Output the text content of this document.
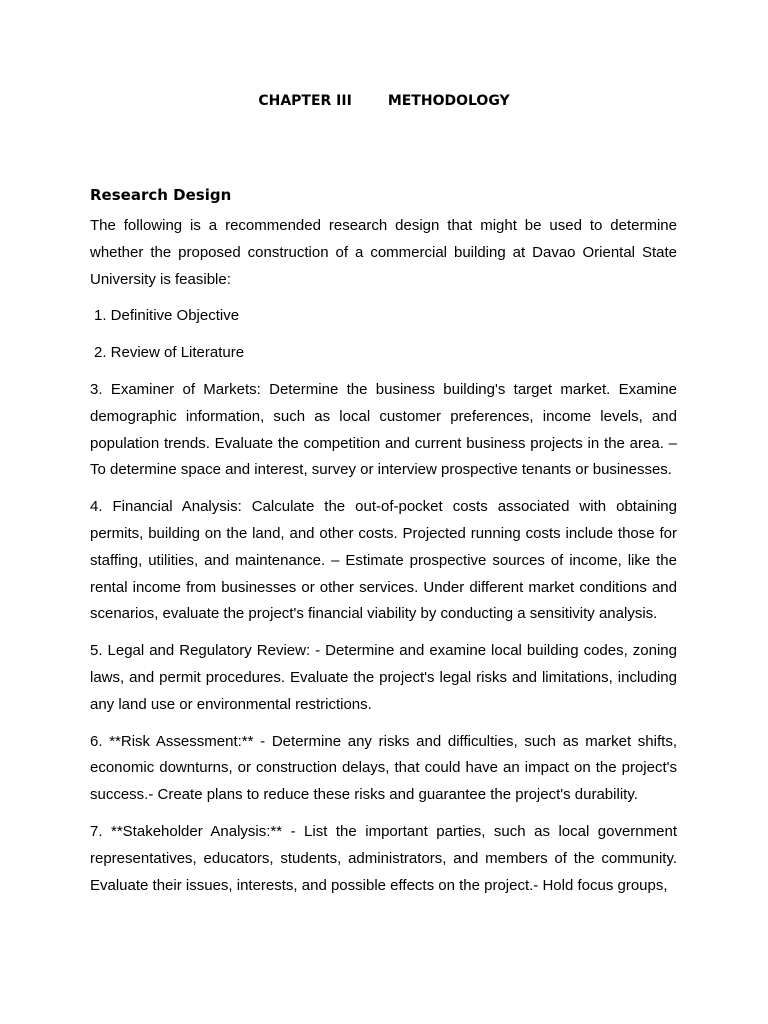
CHAPTER III	METHODOLOGY
Research Design

The following is a recommended research design that might be used to determine whether the proposed construction of a commercial building at Davao Oriental State University is feasible:

1. Definitive Objective

2. Review of Literature

3. Examiner of Markets: Determine the business building's target market. Examine demographic information, such as local customer preferences, income levels, and population trends. Evaluate the competition and current business projects in the area. – To determine space and interest, survey or interview prospective tenants or businesses.

4. Financial Analysis: Calculate the out-of-pocket costs associated with obtaining permits, building on the land, and other costs. Projected running costs include those for staffing, utilities, and maintenance. – Estimate prospective sources of income, like the rental income from businesses or other services. Under different market conditions and scenarios, evaluate the project's financial viability by conducting a sensitivity analysis.

5. Legal and Regulatory Review: - Determine and examine local building codes, zoning laws, and permit procedures. Evaluate the project's legal risks and limitations, including any land use or environmental restrictions.

6. **Risk Assessment:** - Determine any risks and difficulties, such as market shifts, economic downturns, or construction delays, that could have an impact on the project's success.- Create plans to reduce these risks and guarantee the project's durability.

7. **Stakeholder Analysis:** - List the important parties, such as local government representatives, educators, students, administrators, and members of the community. Evaluate their issues, interests, and possible effects on the project.- Hold focus groups,
